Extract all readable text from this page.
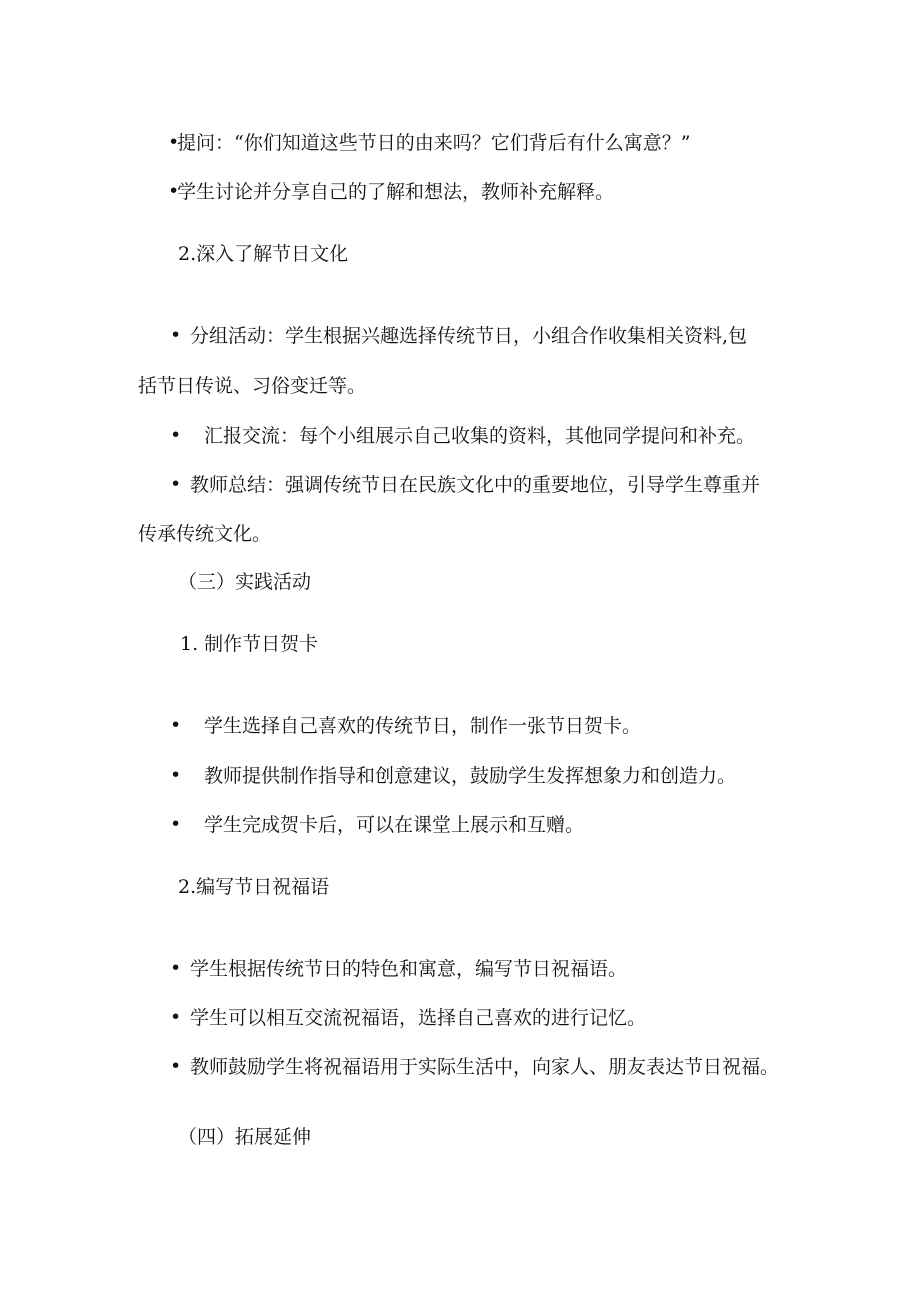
•
提问：“你们知道这些节日的由来吗？它们背后有什么寓意？”
•
学生讨论并分享自己的了解和想法，教师补充解释。
2.深入了解节日文化
• 分组活动：学生根据兴趣选择传统节日，小组合作收集相关资料,包
括节日传说、习俗变迁等。
• 汇报交流：每个小组展示自己收集的资料，其他同学提问和补充。
• 教师总结：强调传统节日在民族文化中的重要地位，引导学生尊重并
传承传统文化。
（三）实践活动
1. 制作节日贺卡
• 学生选择自己喜欢的传统节日，制作一张节日贺卡。
• 教师提供制作指导和创意建议，鼓励学生发挥想象力和创造力。
• 学生完成贺卡后，可以在课堂上展示和互赠。
2.编写节日祝福语
• 学生根据传统节日的特色和寓意，编写节日祝福语。
• 学生可以相互交流祝福语，选择自己喜欢的进行记忆。
• 教师鼓励学生将祝福语用于实际生活中，向家人、朋友表达节日祝福。
（四）拓展延伸
